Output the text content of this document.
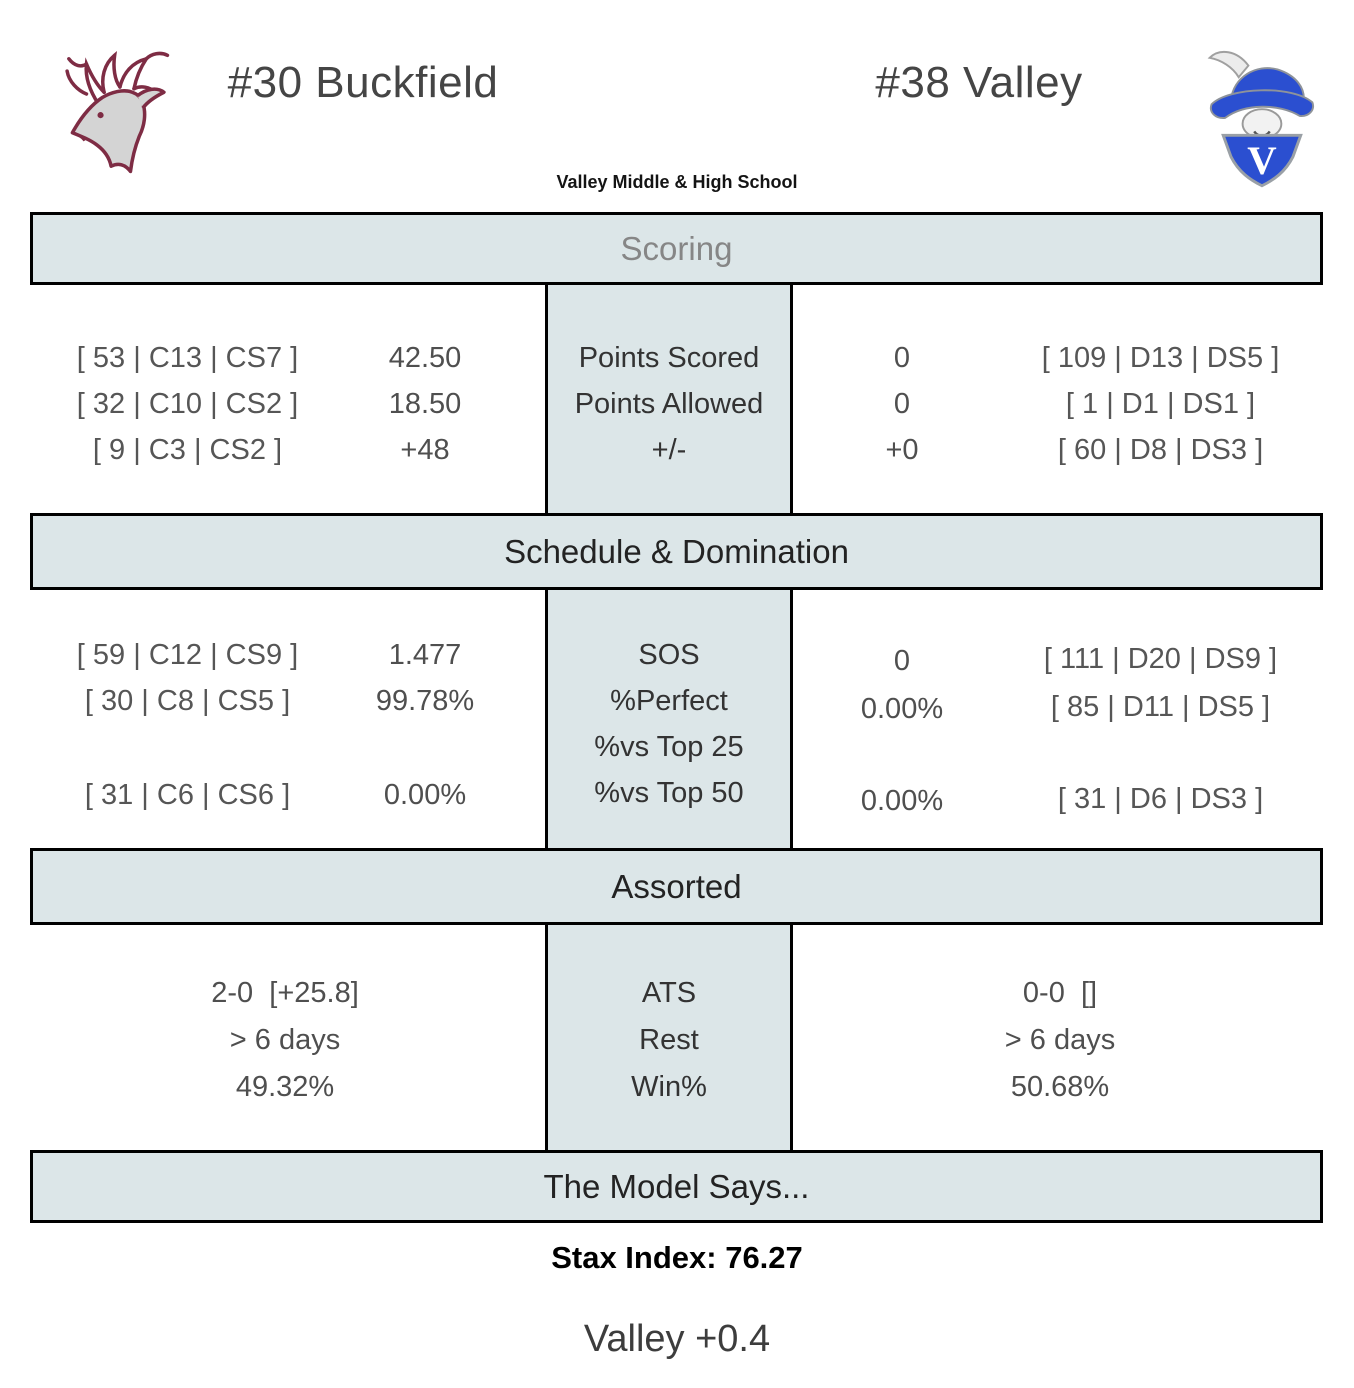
#30 Buckfield	#38 Valley
V
Valley Middle & High School
Scoring
[ 53 | C13 | CS7 ]	42.50	Points Scored	0	[ 109 | D13 | DS5 ]
[ 32 | C10 | CS2 ]	18.50	Points Allowed	0	[ 1 | D1 | DS1 ]
[ 9 | C3 | CS2 ]	+48	+/-	+0	[ 60 | D8 | DS3 ]
Schedule & Domination
[ 59 | C12 | CS9 ]	1.477	SOS	0	[ 111 | D20 | DS9 ]
[ 30 | C8 | CS5 ]	99.78%	%Perfect	0.00%	[ 85 | D11 | DS5 ]
%vs Top 25
[ 31 | C6 | CS6 ]	0.00%	%vs Top 50	0.00%	[ 31 | D6 | DS3 ]
Assorted
2-0  [+25.8]	ATS	0-0  []
> 6 days	Rest	> 6 days
49.32%	Win%	50.68%
The Model Says...
Stax Index: 76.27
Valley +0.4
